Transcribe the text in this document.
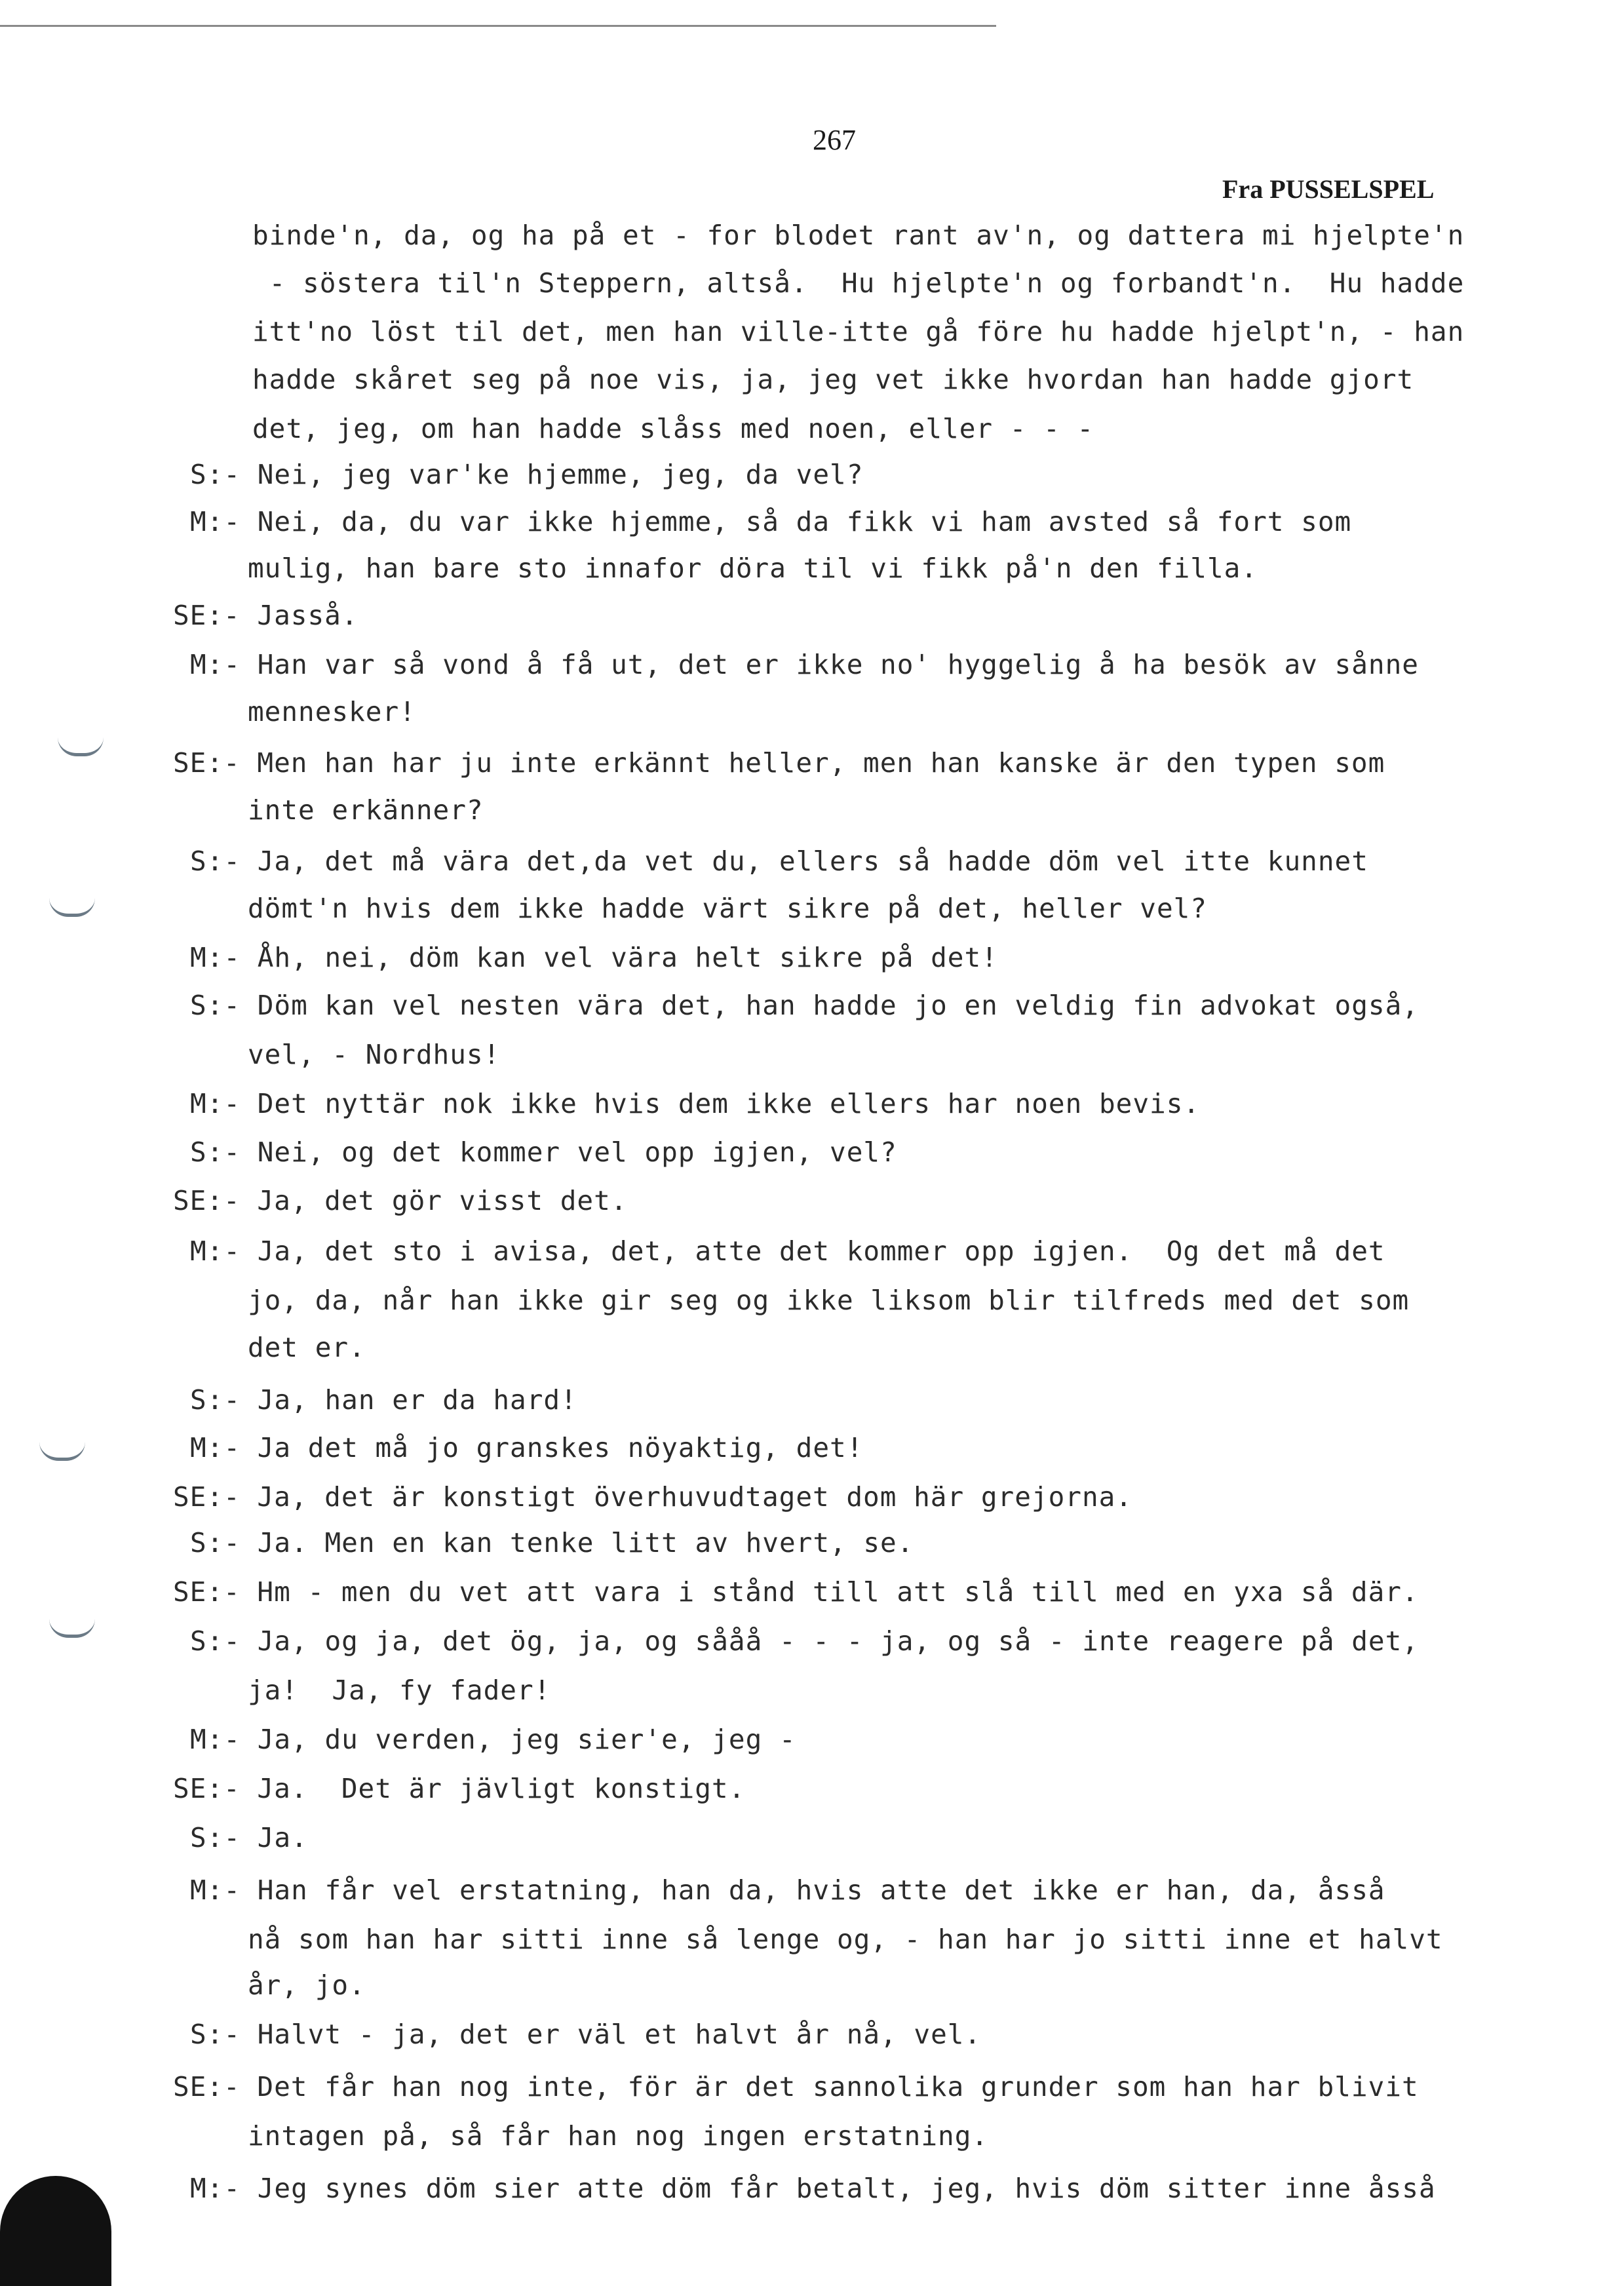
267
Fra PUSSELSPEL
binde'n, da, og ha på et - for blodet rant av'n, og dattera mi hjelpte'n
- söstera til'n Steppern, altså.  Hu hjelpte'n og forbandt'n.  Hu hadde
itt'no löst til det, men han ville-itte gå före hu hadde hjelpt'n, - han
hadde skåret seg på noe vis, ja, jeg vet ikke hvordan han hadde gjort
det, jeg, om han hadde slåss med noen, eller - - -
S:- Nei, jeg var'ke hjemme, jeg, da vel?
M:- Nei, da, du var ikke hjemme, så da fikk vi ham avsted så fort som
mulig, han bare sto innafor döra til vi fikk på'n den filla.
SE:- Jasså.
M:- Han var så vond å få ut, det er ikke no' hyggelig å ha besök av sånne
mennesker!
SE:- Men han har ju inte erkännt heller, men han kanske är den typen som
inte erkänner?
S:- Ja, det må vära det,da vet du, ellers så hadde döm vel itte kunnet
dömt'n hvis dem ikke hadde värt sikre på det, heller vel?
M:- Åh, nei, döm kan vel vära helt sikre på det!
S:- Döm kan vel nesten vära det, han hadde jo en veldig fin advokat også,
vel, - Nordhus!
M:- Det nyttär nok ikke hvis dem ikke ellers har noen bevis.
S:- Nei, og det kommer vel opp igjen, vel?
SE:- Ja, det gör visst det.
M:- Ja, det sto i avisa, det, atte det kommer opp igjen.  Og det må det
jo, da, når han ikke gir seg og ikke liksom blir tilfreds med det som
det er.
S:- Ja, han er da hard!
M:- Ja det må jo granskes nöyaktig, det!
SE:- Ja, det är konstigt överhuvudtaget dom här grejorna.
S:- Ja. Men en kan tenke litt av hvert, se.
SE:- Hm - men du vet att vara i stånd till att slå till med en yxa så där.
S:- Ja, og ja, det ög, ja, og sååå - - - ja, og så - inte reagere på det,
ja!  Ja, fy fader!
M:- Ja, du verden, jeg sier'e, jeg -
SE:- Ja.  Det är jävligt konstigt.
S:- Ja.
M:- Han får vel erstatning, han da, hvis atte det ikke er han, da, åsså
nå som han har sitti inne så lenge og, - han har jo sitti inne et halvt
år, jo.
S:- Halvt - ja, det er väl et halvt år nå, vel.
SE:- Det får han nog inte, för är det sannolika grunder som han har blivit
intagen på, så får han nog ingen erstatning.
M:- Jeg synes döm sier atte döm får betalt, jeg, hvis döm sitter inne åsså
